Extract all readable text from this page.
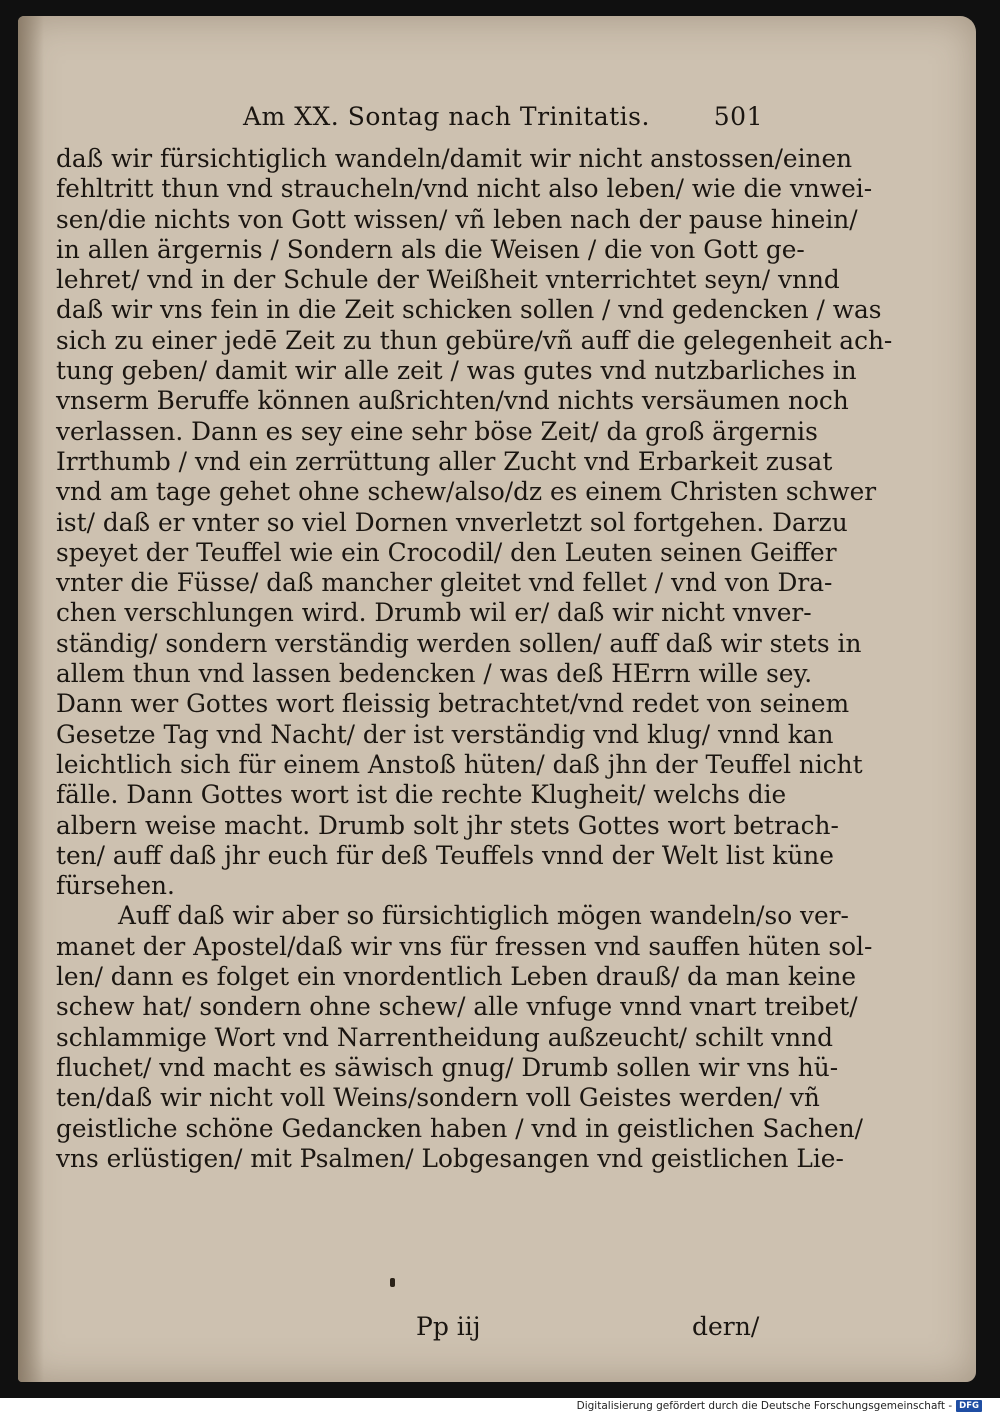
Am XX. Sontag nach Trinitatis.	501
daß wir fürsichtiglich wandeln/damit wir nicht anstossen/einen
fehltritt thun vnd straucheln/vnd nicht also leben/ wie die vnwei-
sen/die nichts von Gott wissen/ vñ leben nach der pause hinein/
in allen ärgernis / Sondern als die Weisen / die von Gott ge-
lehret/ vnd in der Schule der Weißheit vnterrichtet seyn/ vnnd
daß wir vns fein in die Zeit schicken sollen / vnd gedencken / was
sich zu einer jedē Zeit zu thun gebüre/vñ auff die gelegenheit ach-
tung geben/ damit wir alle zeit / was gutes vnd nutzbarliches in
vnserm Beruffe können außrichten/vnd nichts versäumen noch
verlassen. Dann es sey eine sehr böse Zeit/ da groß ärgernis
Irrthumb / vnd ein zerrüttung aller Zucht vnd Erbarkeit zusat
vnd am tage gehet ohne schew/also/dz es einem Christen schwer
ist/ daß er vnter so viel Dornen vnverletzt sol fortgehen. Darzu
speyet der Teuffel wie ein Crocodil/ den Leuten seinen Geiffer
vnter die Füsse/ daß mancher gleitet vnd fellet / vnd von Dra-
chen verschlungen wird. Drumb wil er/ daß wir nicht vnver-
ständig/ sondern verständig werden sollen/ auff daß wir stets in
allem thun vnd lassen bedencken / was deß HErrn wille sey.
Dann wer Gottes wort fleissig betrachtet/vnd redet von seinem
Gesetze Tag vnd Nacht/ der ist verständig vnd klug/ vnnd kan
leichtlich sich für einem Anstoß hüten/ daß jhn der Teuffel nicht
fälle. Dann Gottes wort ist die rechte Klugheit/ welchs die
albern weise macht. Drumb solt jhr stets Gottes wort betrach-
ten/ auff daß jhr euch für deß Teuffels vnnd der Welt list küne
fürsehen.
Auff daß wir aber so fürsichtiglich mögen wandeln/so ver-
manet der Apostel/daß wir vns für fressen vnd sauffen hüten sol-
len/ dann es folget ein vnordentlich Leben drauß/ da man keine
schew hat/ sondern ohne schew/ alle vnfuge vnnd vnart treibet/
schlammige Wort vnd Narrentheidung außzeucht/ schilt vnnd
fluchet/ vnd macht es säwisch gnug/ Drumb sollen wir vns hü-
ten/daß wir nicht voll Weins/sondern voll Geistes werden/ vñ
geistliche schöne Gedancken haben / vnd in geistlichen Sachen/
vns erlüstigen/ mit Psalmen/ Lobgesangen vnd geistlichen Lie-
Pp iij	dern/
Digitalisierung gefördert durch die Deutsche Forschungsgemeinschaft - DFG
